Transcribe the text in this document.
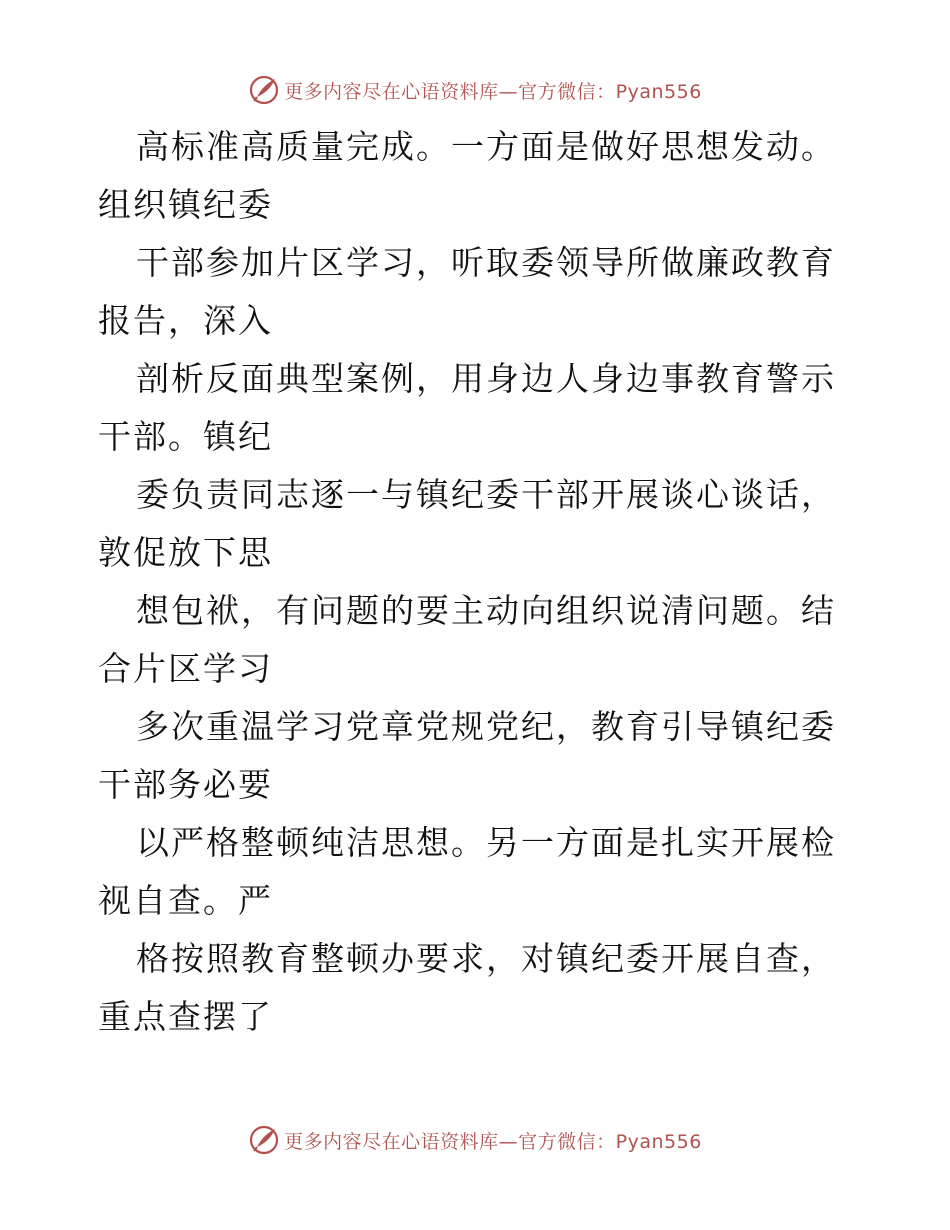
更多内容尽在心语资料库—官方微信：Pyan556

高标准高质量完成。一方面是做好思想发动。组织镇纪委

干部参加片区学习，听取委领导所做廉政教育报告，深入

剖析反面典型案例，用身边人身边事教育警示干部。镇纪

委负责同志逐一与镇纪委干部开展谈心谈话，敦促放下思

想包袱，有问题的要主动向组织说清问题。结合片区学习

多次重温学习党章党规党纪，教育引导镇纪委干部务必要

以严格整顿纯洁思想。另一方面是扎实开展检视自查。严

格按照教育整顿办要求，对镇纪委开展自查，重点查摆了

更多内容尽在心语资料库—官方微信：Pyan556
